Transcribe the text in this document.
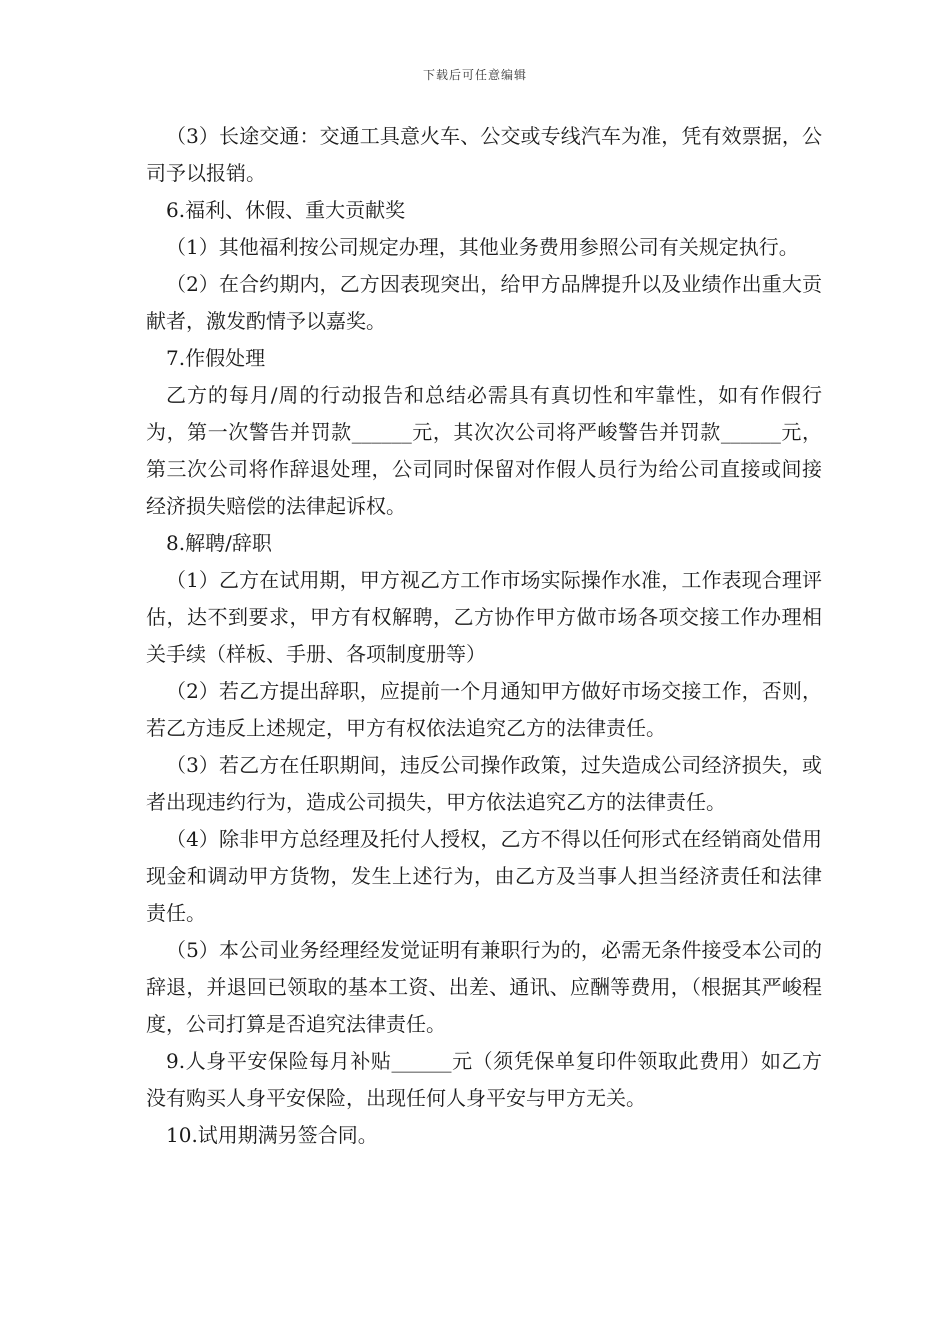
下载后可任意编辑

（3）长途交通：交通工具意火车、公交或专线汽车为准，凭有效票据，公司予以报销。

6.福利、休假、重大贡献奖

（1）其他福利按公司规定办理，其他业务费用参照公司有关规定执行。

（2）在合约期内，乙方因表现突出，给甲方品牌提升以及业绩作出重大贡献者，激发酌情予以嘉奖。

7.作假处理

乙方的每月/周的行动报告和总结必需具有真切性和牢靠性，如有作假行为，第一次警告并罚款______元，其次次公司将严峻警告并罚款______元，第三次公司将作辞退处理，公司同时保留对作假人员行为给公司直接或间接经济损失赔偿的法律起诉权。

8.解聘/辞职

（1）乙方在试用期，甲方视乙方工作市场实际操作水准，工作表现合理评估，达不到要求，甲方有权解聘，乙方协作甲方做市场各项交接工作办理相关手续（样板、手册、各项制度册等）

（2）若乙方提出辞职，应提前一个月通知甲方做好市场交接工作，否则，若乙方违反上述规定，甲方有权依法追究乙方的法律责任。

（3）若乙方在任职期间，违反公司操作政策，过失造成公司经济损失，或者出现违约行为，造成公司损失，甲方依法追究乙方的法律责任。

（4）除非甲方总经理及托付人授权，乙方不得以任何形式在经销商处借用现金和调动甲方货物，发生上述行为，由乙方及当事人担当经济责任和法律责任。

（5）本公司业务经理经发觉证明有兼职行为的，必需无条件接受本公司的辞退，并退回已领取的基本工资、出差、通讯、应酬等费用，（根据其严峻程度，公司打算是否追究法律责任。

9.人身平安保险每月补贴______元（须凭保单复印件领取此费用）如乙方没有购买人身平安保险，出现任何人身平安与甲方无关。

10.试用期满另签合同。
